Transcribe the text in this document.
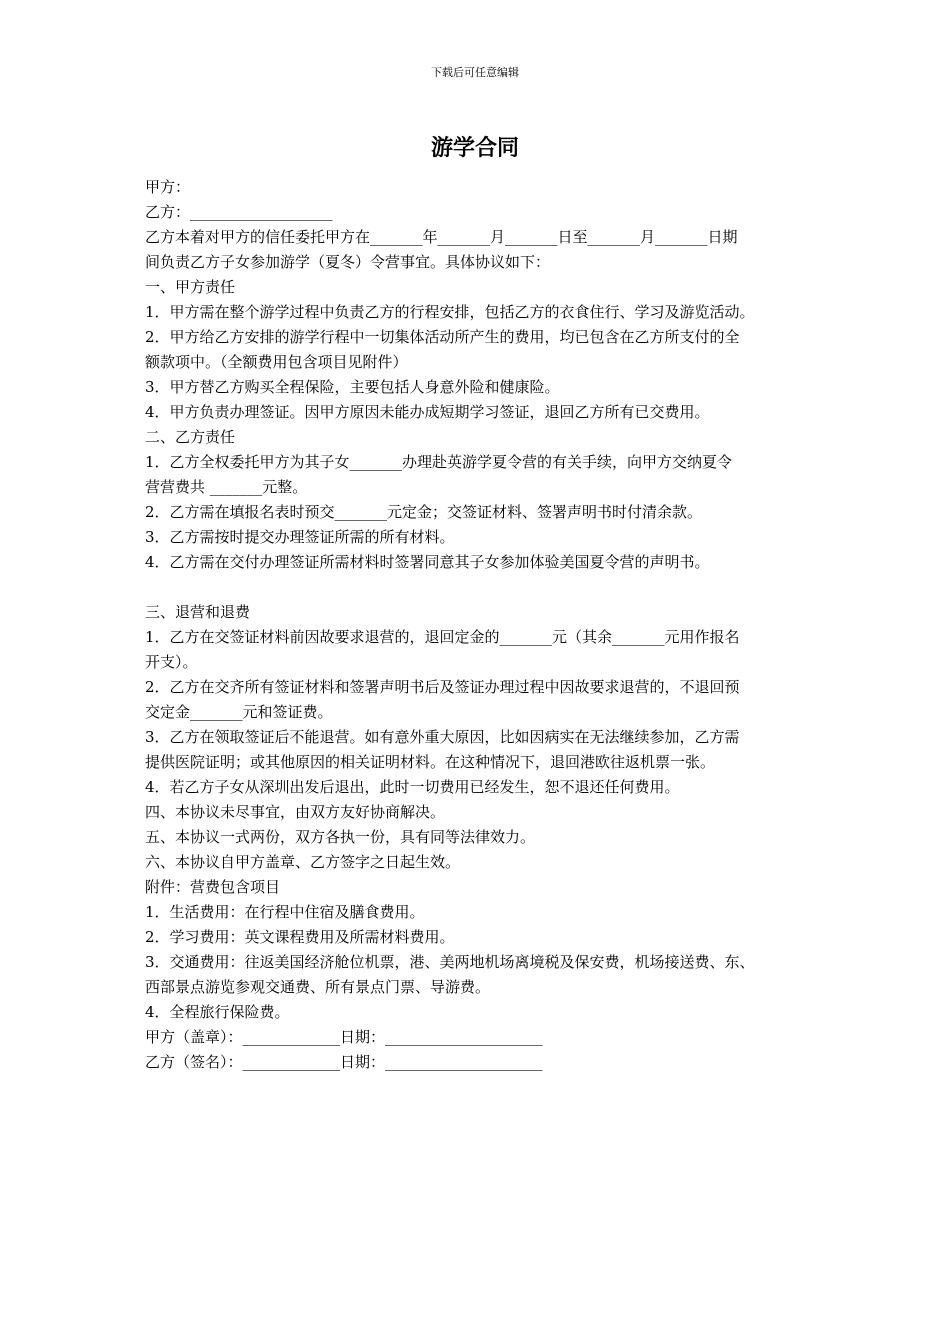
下载后可任意编辑
游学合同
甲方：
乙方：___________________
乙方本着对甲方的信任委托甲方在_______年_______月_______日至_______月_______日期
间负责乙方子女参加游学（夏冬）令营事宜。具体协议如下：
一、甲方责任
1．甲方需在整个游学过程中负责乙方的行程安排，包括乙方的衣食住行、学习及游览活动。
2．甲方给乙方安排的游学行程中一切集体活动所产生的费用，均已包含在乙方所支付的全
额款项中。（全额费用包含项目见附件）
3．甲方替乙方购买全程保险，主要包括人身意外险和健康险。
4．甲方负责办理签证。因甲方原因未能办成短期学习签证，退回乙方所有已交费用。
二、乙方责任
1．乙方全权委托甲方为其子女_______办理赴英游学夏令营的有关手续，向甲方交纳夏令
营营费共 _______元整。
2．乙方需在填报名表时预交_______元定金；交签证材料、签署声明书时付清余款。
3．乙方需按时提交办理签证所需的所有材料。
4．乙方需在交付办理签证所需材料时签署同意其子女参加体验美国夏令营的声明书。
三、退营和退费
1．乙方在交签证材料前因故要求退营的，退回定金的_______元（其余_______元用作报名
开支）。
2．乙方在交齐所有签证材料和签署声明书后及签证办理过程中因故要求退营的，不退回预
交定金_______元和签证费。
3．乙方在领取签证后不能退营。如有意外重大原因，比如因病实在无法继续参加，乙方需
提供医院证明；或其他原因的相关证明材料。在这种情况下，退回港欧往返机票一张。
4．若乙方子女从深圳出发后退出，此时一切费用已经发生，恕不退还任何费用。
四、本协议未尽事宜，由双方友好协商解决。
五、本协议一式两份，双方各执一份，具有同等法律效力。
六、本协议自甲方盖章、乙方签字之日起生效。
附件：营费包含项目
1．生活费用：在行程中住宿及膳食费用。
2．学习费用：英文课程费用及所需材料费用。
3．交通费用：往返美国经济舱位机票，港、美两地机场离境税及保安费，机场接送费、东、
西部景点游览参观交通费、所有景点门票、导游费。
4．全程旅行保险费。
甲方（盖章）：_____________日期：_____________________
乙方（签名）：_____________日期：_____________________
